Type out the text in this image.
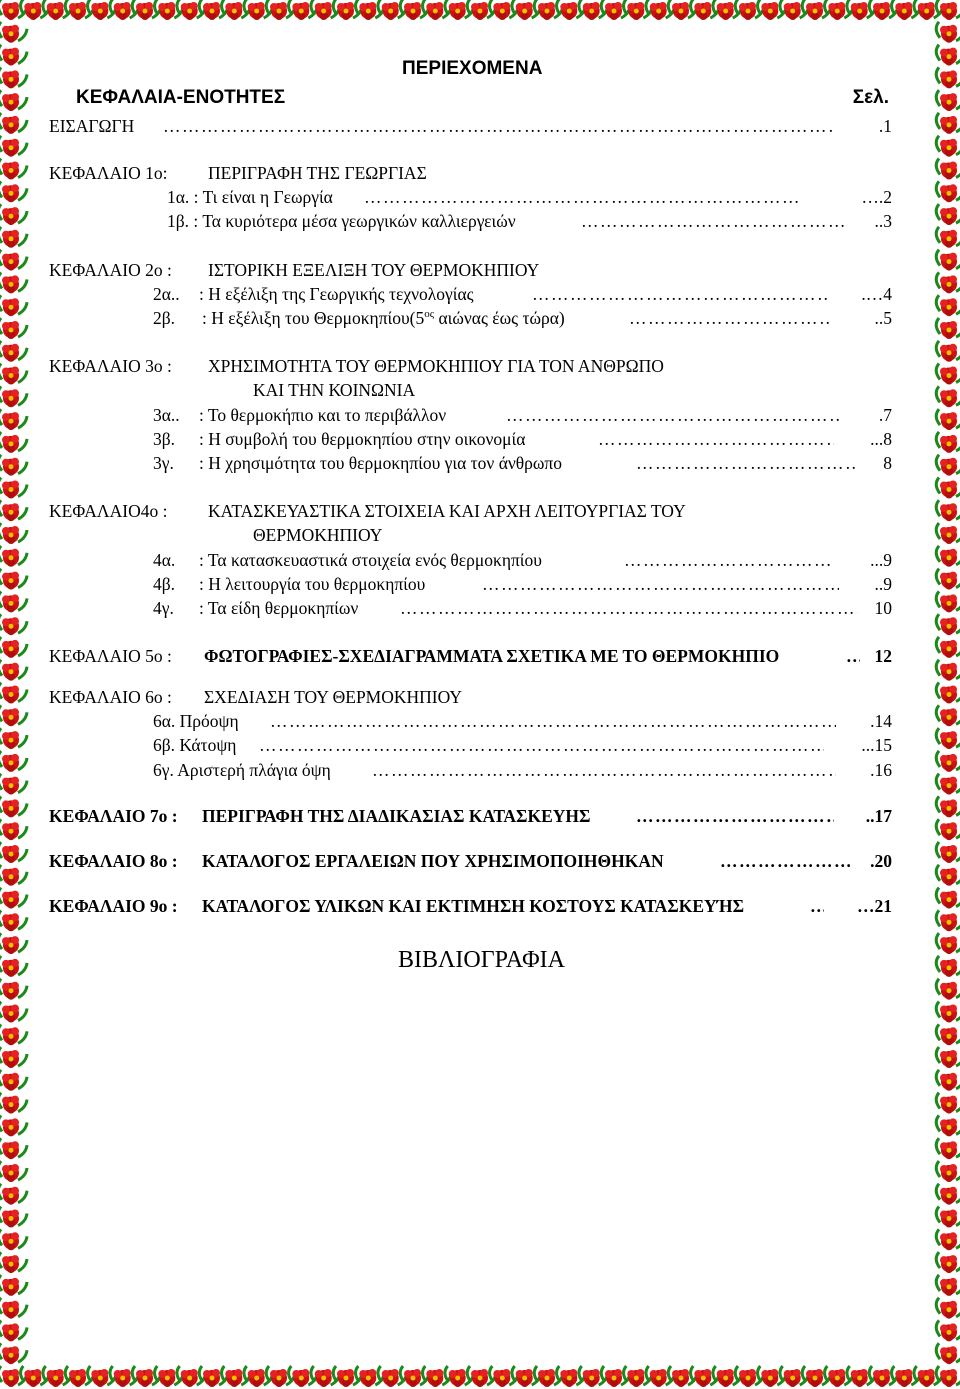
ΠΕΡΙΕΧΟΜΕΝΑ
ΚΕΦΑΛΑΙΑ-ΕΝΟΤΗΤΕΣ	Σελ.
ΕΙΣΑΓΩΓΗ ……………………………………………………………………………………………………………………………………………………………………………	.1
ΚΕΦΑΛΑΙΟ 1ο: ΠΕΡΙΓΡΑΦΗ ΤΗΣ ΓΕΩΡΓΙΑΣ
1α. : Τι είναι η Γεωργία ……………………………………………………………………………………………………………………………………………………………………………	….2
1β. : Τα κυριότερα μέσα γεωργικών καλλιεργειών ……………………………………………………………………………………………………………………………………………………………………………	..3
ΚΕΦΑΛΑΙΟ 2ο : ΙΣΤΟΡΙΚΗ ΕΞΕΛΙΞΗ ΤΟΥ ΘΕΡΜΟΚΗΠΙΟΥ
2α.. : Η εξέλιξη της Γεωργικής τεχνολογίας ……………………………………………………………………………………………………………………………………………………………………………	.…4
2β. : Η εξέλιξη του $\Theta\varepsilon\rho\mu o\kappa\eta\pi ίo\upsilon(5^{o\varsigma}$ αιώνας έως τώρα) ……………………………………………………………………………………………………………………………………………………………………………	..5
ΚΕΦΑΛΑΙΟ 3ο : ΧΡΗΣΙΜΟΤΗΤΑ ΤΟΥ ΘΕΡΜΟΚΗΠΙΟΥ ΓΙΑ ΤΟΝ ΑΝΘΡΩΠΟ
ΚΑΙ ΤΗΝ ΚΟΙΝΩΝΙΑ
3α.. : Το θερμοκήπιο και το περιβάλλον ……………………………………………………………………………………………………………………………………………………………………………	.7
3β. : Η συμβολή του θερμοκηπίου στην οικονομία ……………………………………………………………………………………………………………………………………………………………………………	...8
3γ. : Η χρησιμότητα του θερμοκηπίου για τον άνθρωπο ……………………………………………………………………………………………………………………………………………………………………………	8
ΚΕΦΑΛΑΙΟ4ο : ΚΑΤΑΣΚΕΥΑΣΤΙΚΑ ΣΤΟΙΧΕΙΑ ΚΑΙ ΑΡΧΗ ΛΕΙΤΟΥΡΓΙΑΣ ΤΟΥ
ΘΕΡΜΟΚΗΠΙΟΥ
4α. : Τα κατασκευαστικά στοιχεία ενός θερμοκηπίου ……………………………………………………………………………………………………………………………………………………………………………	...9
4β. : Η λειτουργία του θερμοκηπίου ……………………………………………………………………………………………………………………………………………………………………………	..9
4γ. : Τα είδη θερμοκηπίων ……………………………………………………………………………………………………………………………………………………………………………	10
ΚΕΦΑΛΑΙΟ 5ο : ΦΩΤΟΓΡΑΦΙΕΣ-ΣΧΕΔΙΑΓΡΑΜΜΑΤΑ ΣΧΕΤΙΚΑ ΜΕ ΤΟ ΘΕΡΜΟΚΗΠΙΟ ……………………………………………………………………………………………………………………………………………………………………………	12
ΚΕΦΑΛΑΙΟ 6ο : ΣΧΕΔΙΑΣΗ ΤΟΥ ΘΕΡΜΟΚΗΠΙΟΥ
6α. Πρόοψη ……………………………………………………………………………………………………………………………………………………………………………	.14
6β. Κάτοψη ……………………………………………………………………………………………………………………………………………………………………………	...15
6γ. Αριστερή πλάγια όψη ……………………………………………………………………………………………………………………………………………………………………………	.16
ΚΕΦΑΛΑΙΟ 7ο : ΠΕΡΙΓΡΑΦΗ ΤΗΣ ΔΙΑΔΙΚΑΣΙΑΣ ΚΑΤΑΣΚΕΥΗΣ ……………………………………………………………………………………………………………………………………………………………………………	..17
ΚΕΦΑΛΑΙΟ 8ο : ΚΑΤΑΛΟΓΟΣ ΕΡΓΑΛΕΙΩΝ ΠΟΥ ΧΡΗΣΙΜΟΠΟΙΗΘΗΚΑΝ ……………………………………………………………………………………………………………………………………………………………………………	.20
ΚΕΦΑΛΑΙΟ 9ο : ΚΑΤΑΛΟΓΟΣ ΥΛΙΚΩΝ ΚΑΙ ΕΚΤΙΜΗΣΗ ΚΟΣΤΟΥΣ ΚΑΤΑΣΚΕΥΉΣ ……………………………………………………………………………………………………………………………………………………………………………	…21
ΒΙΒΛΙΟΓΡΑΦΙΑ
